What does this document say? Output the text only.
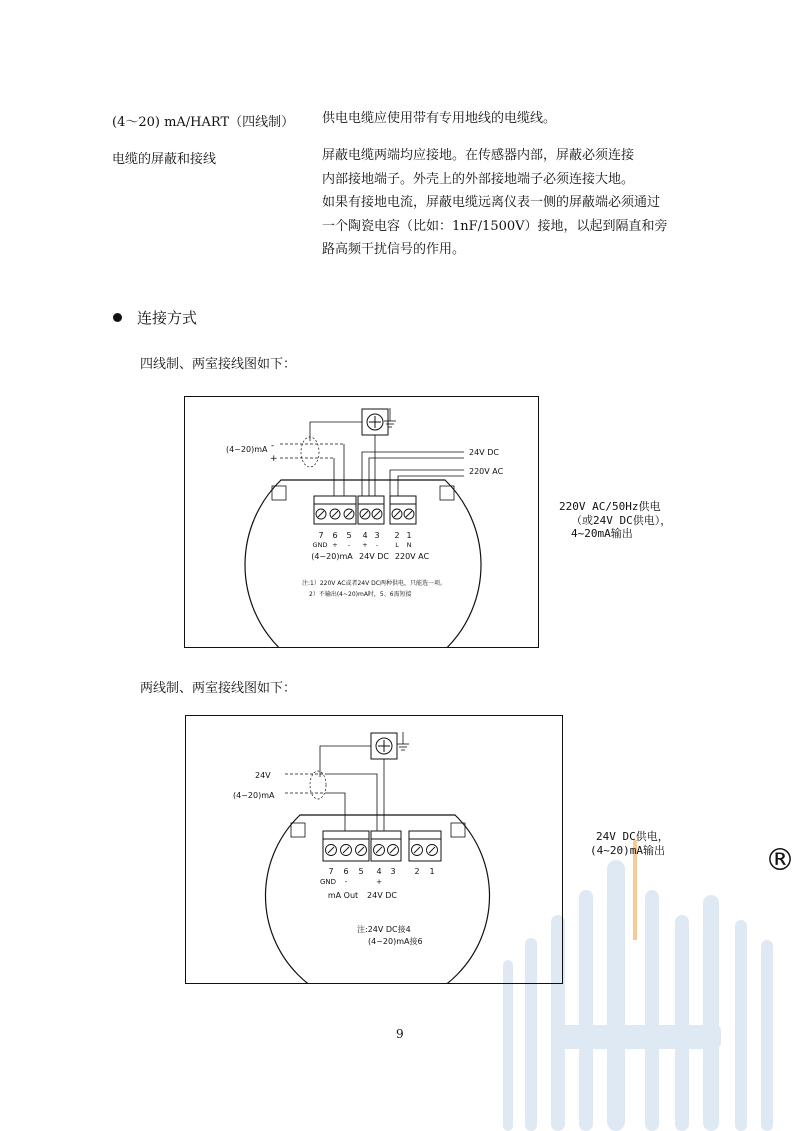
®
(4～20) mA/HART（四线制） 供电电缆应使用带有专用地线的电缆线。
电缆的屏蔽和接线	屏蔽电缆两端均应接地。在传感器内部，屏蔽必须连接
内部接地端子。外壳上的外部接地端子必须连接大地。
如果有接地电流，屏蔽电缆远离仪表一侧的屏蔽端必须通过
一个陶瓷电容（比如：1nF/1500V）接地，以起到隔直和旁
路高频干扰信号的作用。
连接方式
四线制、两室接线图如下：
(4~20)mA -
+
24V DC
220V AC
7 6 5 4 3 2 1
GND + - + -	L N
(4~20)mA 24V DC 220V AC
注:1）220V AC或者24V DC两种供电，只能选一项。
2）不输出(4~20)mA时，5、6需短接
220V AC/50Hz供电
（或24V DC供电），
4~20mA输出
两线制、两室接线图如下：
24V
(4~20)mA
7 6 5 4 3 2 1
GND -	+
mA Out 24V DC
注:24V DC接4
(4~20)mA接6
24V DC供电，
(4~20)mA输出
9
